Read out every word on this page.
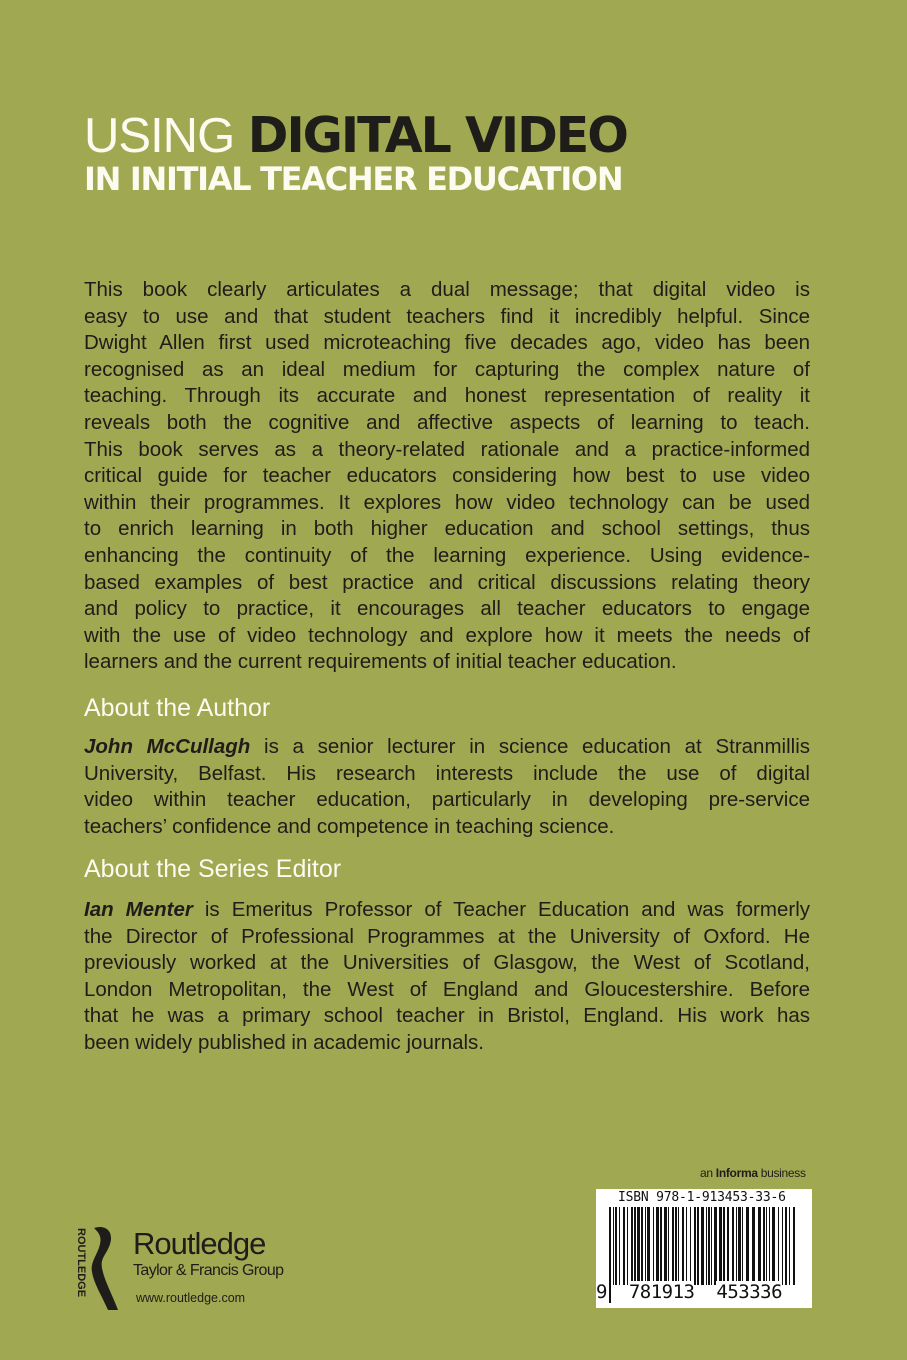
USING DIGITAL VIDEO
IN INITIAL TEACHER EDUCATION
This book clearly articulates a dual message; that digital video is
easy to use and that student teachers find it incredibly helpful. Since
Dwight Allen first used microteaching five decades ago, video has been
recognised as an ideal medium for capturing the complex nature of
teaching. Through its accurate and honest representation of reality it
reveals both the cognitive and affective aspects of learning to teach.
This book serves as a theory-related rationale and a practice-informed
critical guide for teacher educators considering how best to use video
within their programmes. It explores how video technology can be used
to enrich learning in both higher education and school settings, thus
enhancing the continuity of the learning experience. Using evidence-
based examples of best practice and critical discussions relating theory
and policy to practice, it encourages all teacher educators to engage
with the use of video technology and explore how it meets the needs of
learners and the current requirements of initial teacher education.
About the Author
John McCullagh is a senior lecturer in science education at Stranmillis
University, Belfast. His research interests include the use of digital
video within teacher education, particularly in developing pre-service
teachers’ confidence and competence in teaching science.
About the Series Editor
Ian Menter is Emeritus Professor of Teacher Education and was formerly
the Director of Professional Programmes at the University of Oxford. He
previously worked at the Universities of Glasgow, the West of Scotland,
London Metropolitan, the West of England and Gloucestershire. Before
that he was a primary school teacher in Bristol, England. His work has
been widely published in academic journals.
an Informa business
ISBN 978-1-913453-33-6
9 781913 453336
ROUTLEDGE Routledge
Taylor & Francis Group
www.routledge.com
